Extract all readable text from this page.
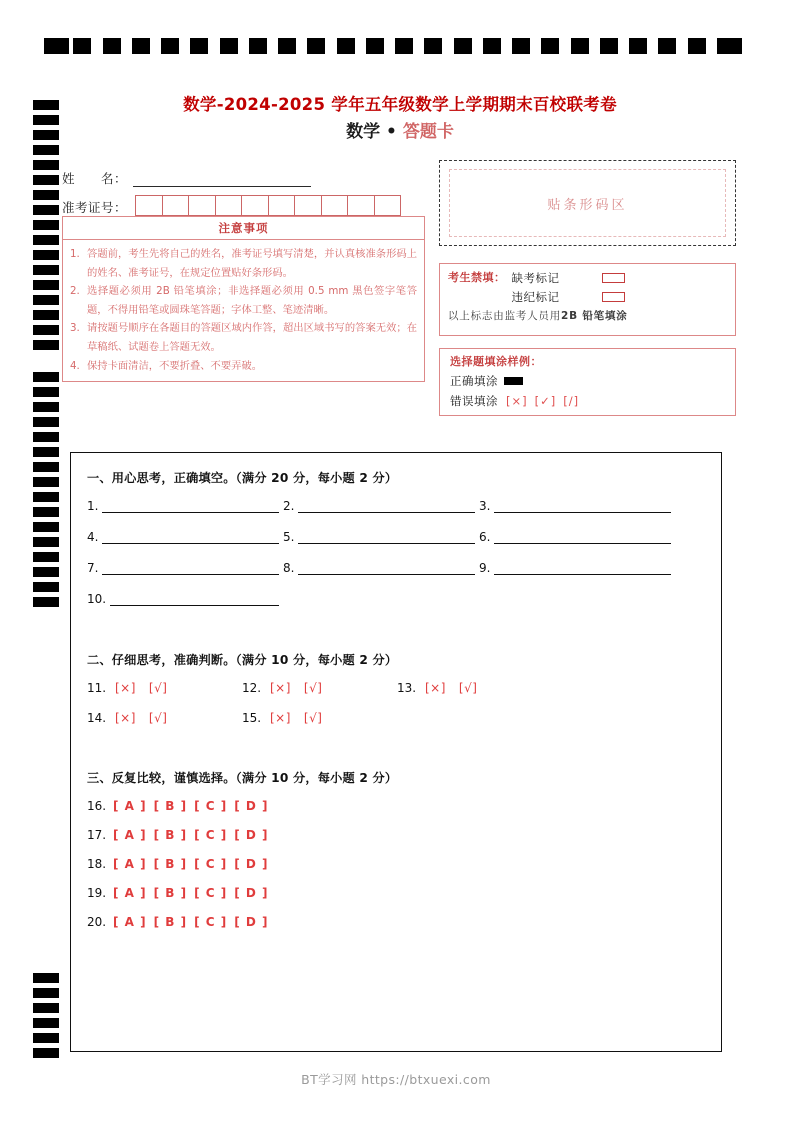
数学-2024-2025 学年五年级数学上学期期末百校联考卷
数学 • 答题卡
姓　　名：
准考证号：
注意事项
1. 答题前，考生先将自己的姓名，准考证号填写清楚，并认真核准条形码上的姓名、准考证号，在规定位置贴好条形码。
2. 选择题必须用 2B 铅笔填涂；非选择题必须用 0.5 mm 黑色签字笔答题，不得用铅笔或圆珠笔答题；字体工整、笔迹清晰。
3. 请按题号顺序在各题目的答题区域内作答，超出区域书写的答案无效；在草稿纸、试题卷上答题无效。
4. 保持卡面清洁，不要折叠、不要弄破。
贴条形码区
考生禁填： 缺考标记
违纪标记
以上标志由监考人员用2B 铅笔填涂
选择题填涂样例：
正确填涂
错误填涂 [×] [✓] [/]
一、用心思考，正确填空。（满分 20 分，每小题 2 分）
1.	2.	3.
4.	5.	6.
7.	8.	9.
10.
二、仔细思考，准确判断。（满分 10 分，每小题 2 分）
11. [×] [√]	12. [×] [√]	13. [×] [√]
14. [×] [√]	15. [×] [√]
三、反复比较，谨慎选择。（满分 10 分，每小题 2 分）
16. [ A ] [ B ] [ C ] [ D ]
17. [ A ] [ B ] [ C ] [ D ]
18. [ A ] [ B ] [ C ] [ D ]
19. [ A ] [ B ] [ C ] [ D ]
20. [ A ] [ B ] [ C ] [ D ]
BT学习网 https://btxuexi.com
